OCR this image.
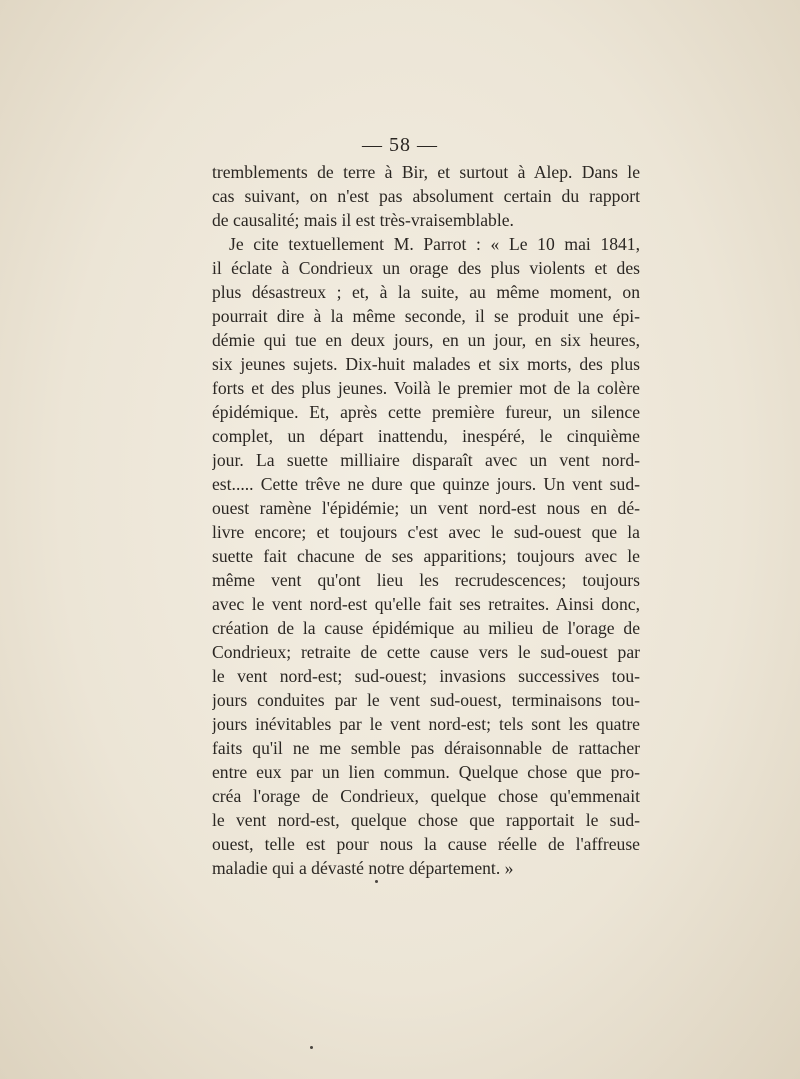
— 58 —
tremblements de terre à Bir, et surtout à Alep. Dans le
cas suivant, on n'est pas absolument certain du rapport
de causalité; mais il est très-vraisemblable.
Je cite textuellement M. Parrot : « Le 10 mai 1841,
il éclate à Condrieux un orage des plus violents et des
plus désastreux ; et, à la suite, au même moment, on
pourrait dire à la même seconde, il se produit une épi-
démie qui tue en deux jours, en un jour, en six heures,
six jeunes sujets. Dix-huit malades et six morts, des plus
forts et des plus jeunes. Voilà le premier mot de la colère
épidémique. Et, après cette première fureur, un silence
complet, un départ inattendu, inespéré, le cinquième
jour. La suette milliaire disparaît avec un vent nord-
est..... Cette trêve ne dure que quinze jours. Un vent sud-
ouest ramène l'épidémie; un vent nord-est nous en dé-
livre encore; et toujours c'est avec le sud-ouest que la
suette fait chacune de ses apparitions; toujours avec le
même vent qu'ont lieu les recrudescences; toujours
avec le vent nord-est qu'elle fait ses retraites. Ainsi donc,
création de la cause épidémique au milieu de l'orage de
Condrieux; retraite de cette cause vers le sud-ouest par
le vent nord-est; sud-ouest; invasions successives tou-
jours conduites par le vent sud-ouest, terminaisons tou-
jours inévitables par le vent nord-est; tels sont les quatre
faits qu'il ne me semble pas déraisonnable de rattacher
entre eux par un lien commun. Quelque chose que pro-
créa l'orage de Condrieux, quelque chose qu'emmenait
le vent nord-est, quelque chose que rapportait le sud-
ouest, telle est pour nous la cause réelle de l'affreuse
maladie qui a dévasté notre département. »
